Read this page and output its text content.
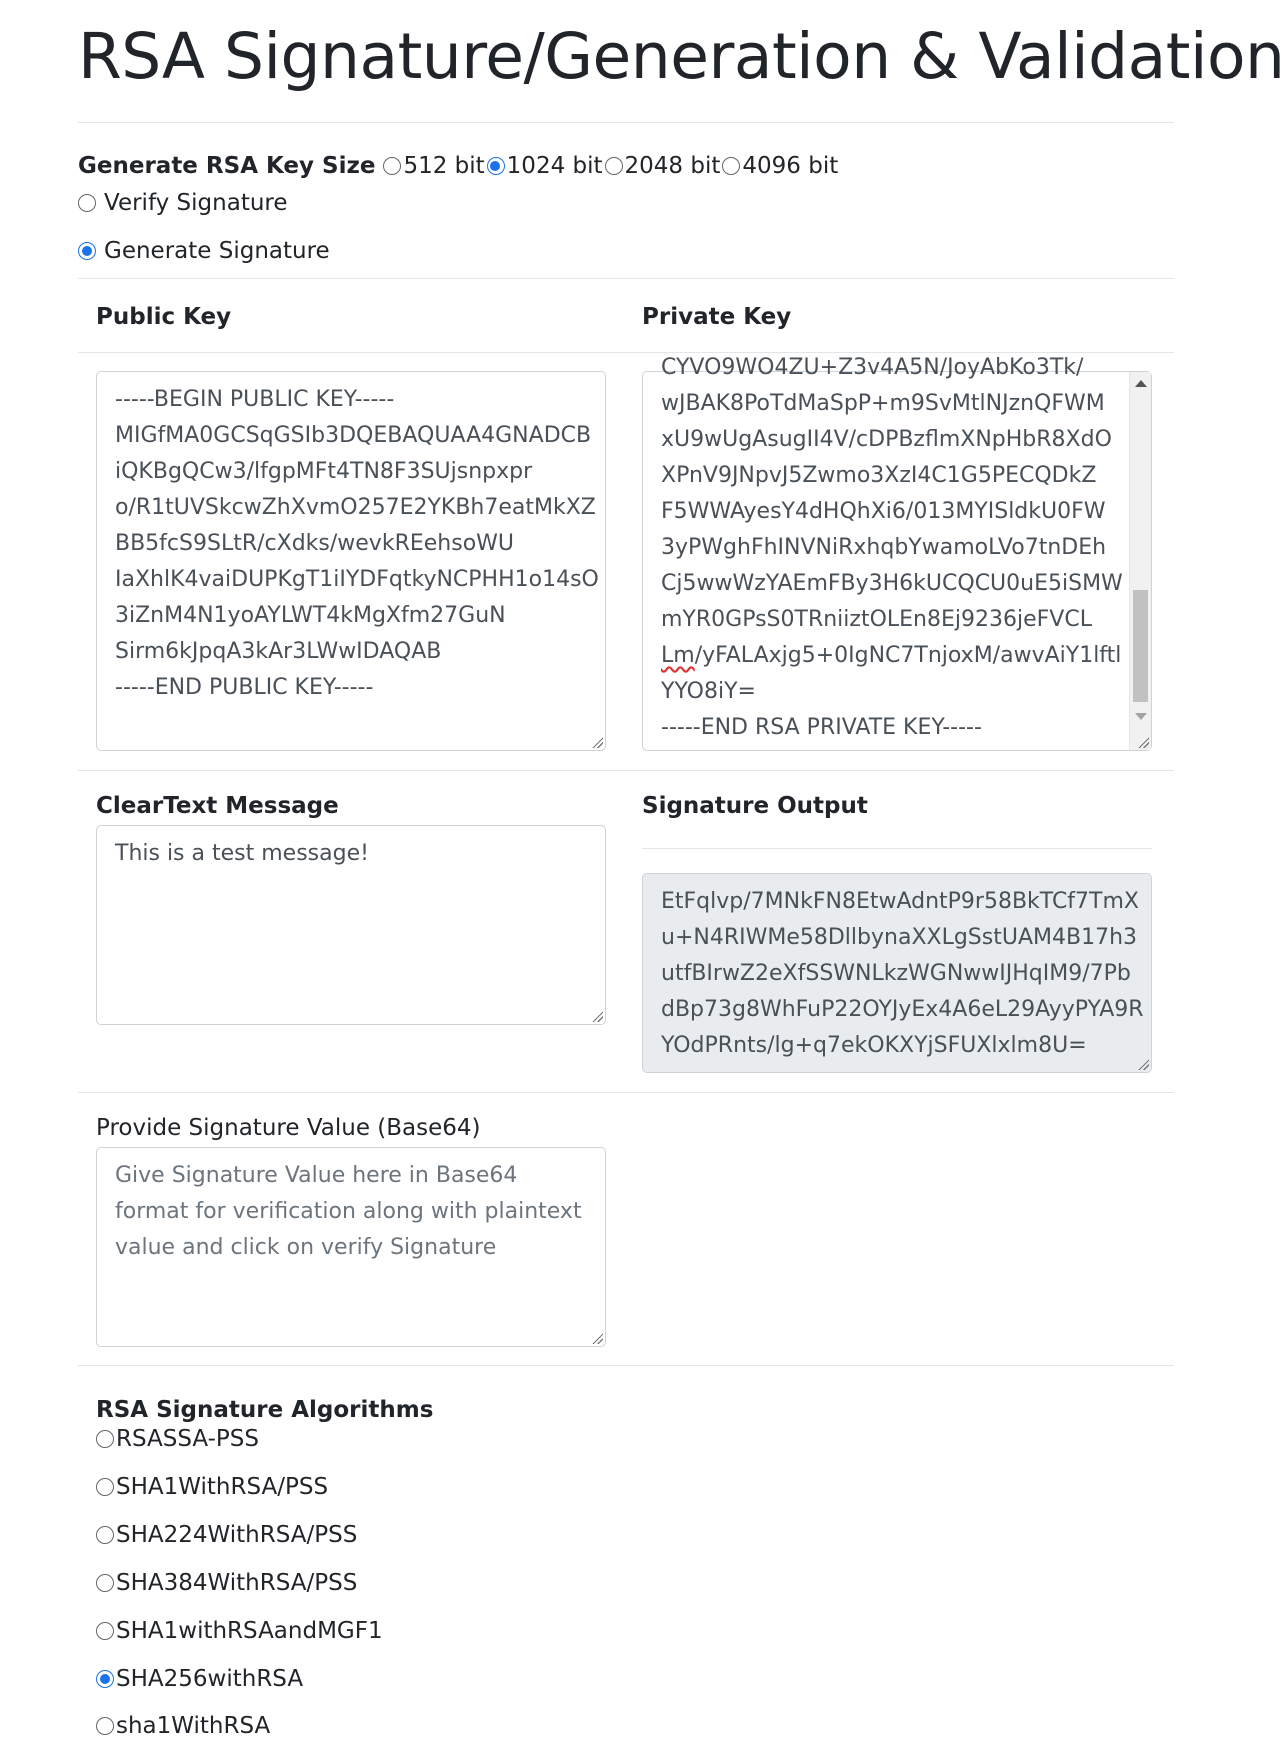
RSA Signature/Generation & Validation
Generate RSA Key Size 512 bit 1024 bit 2048 bit 4096 bit
Verify Signature
Generate Signature
Public Key	Private Key
-----BEGIN PUBLIC KEY-----
MIGfMA0GCSqGSIb3DQEBAQUAA4GNADCB
iQKBgQCw3/lfgpMFt4TN8F3SUjsnpxpr
o/R1tUVSkcwZhXvmO257E2YKBh7eatMkXZ
BB5fcS9SLtR/cXdks/wevkREehsoWU
IaXhlK4vaiDUPKgT1iIYDFqtkyNCPHH1o14sO
3iZnM4N1yoAYLWT4kMgXfm27GuN
Sirm6kJpqA3kAr3LWwIDAQAB
-----END PUBLIC KEY-----
CYVO9WO4ZU+Z3v4A5N/JoyAbKo3Tk/
wJBAK8PoTdMaSpP+m9SvMtlNJznQFWM
xU9wUgAsugII4V/cDPBzflmXNpHbR8XdO
XPnV9JNpvJ5Zwmo3XzI4C1G5PECQDkZ
F5WWAyesY4dHQhXi6/013MYISldkU0FW
3yPWghFhINVNiRxhqbYwamoLVo7tnDEh
Cj5wwWzYAEmFBy3H6kUCQCU0uE5iSMW
mYR0GPsS0TRniiztOLEn8Ej9236jeFVCL
Lm/yFALAxjg5+0IgNC7TnjoxM/awvAiY1lftl
YYO8iY=
-----END RSA PRIVATE KEY-----
ClearText Message	Signature Output
This is a test message!
EtFqlvp/7MNkFN8EtwAdntP9r58BkTCf7TmX
u+N4RIWMe58DllbynaXXLgSstUAM4B17h3
utfBIrwZ2eXfSSWNLkzWGNwwIJHqIM9/7Pb
dBp73g8WhFuP22OYJyEx4A6eL29AyyPYA9R
YOdPRnts/lg+q7ekOKXYjSFUXlxlm8U=
Provide Signature Value (Base64)
Give Signature Value here in Base64 format for verification along with plaintext value and click on verify Signature
RSA Signature Algorithms
RSASSA-PSS
SHA1WithRSA/PSS
SHA224WithRSA/PSS
SHA384WithRSA/PSS
SHA1withRSAandMGF1
SHA256withRSA
sha1WithRSA
